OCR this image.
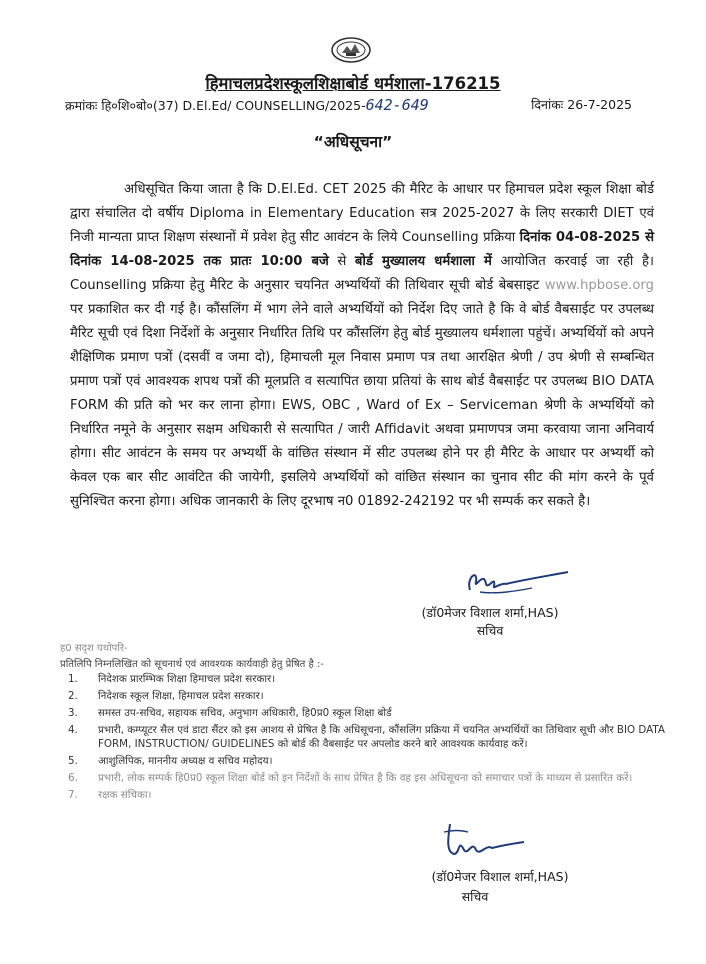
हिमाचलप्रदेशस्कूलशिक्षाबोर्ड धर्मशाला-176215
क्रमांकः हि०शि०बो०(37) D.El.Ed/ COUNSELLING/2025-642-649	दिनांकः 26-7-2025
“अधिसूचना”

अधिसूचित किया जाता है कि D.El.Ed. CET 2025 की मैरिट के आधार पर हिमाचल प्रदेश स्कूल शिक्षा बोर्ड द्वारा संचालित दो वर्षीय Diploma in Elementary Education सत्र 2025-2027 के लिए सरकारी DIET एवं निजी मान्यता प्राप्त शिक्षण संस्थानों में प्रवेश हेतु सीट आवंटन के लिये Counselling प्रक्रिया दिनांक 04-08-2025 से दिनांक 14-08-2025 तक प्रातः 10:00 बजे से बोर्ड मुख्यालय धर्मशाला में आयोजित करवाई जा रही है। Counselling प्रक्रिया हेतु मैरिट के अनुसार चयनित अभ्यर्थियों की तिथिवार सूची बोर्ड बेबसाइट www.hpbose.org पर प्रकाशित कर दी गई है। कौंसलिंग में भाग लेने वाले अभ्यर्थियों को निर्देश दिए जाते है कि वे बोर्ड वैबसाईट पर उपलब्ध मैरिट सूची एवं दिशा निर्देशों के अनुसार निर्धारित तिथि पर कौंसलिंग हेतु बोर्ड मुख्यालय धर्मशाला पहुंचें। अभ्यर्थियों को अपने शैक्षिणिक प्रमाण पत्रों (दसवीं व जमा दो), हिमाचली मूल निवास प्रमाण पत्र तथा आरक्षित श्रेणी / उप श्रेणी से सम्बन्धित प्रमाण पत्रों एवं आवश्यक शपथ पत्रों की मूलप्रति व सत्यापित छाया प्रतियां के साथ बोर्ड वैबसाईट पर उपलब्ध BIO DATA FORM की प्रति को भर कर लाना होगा। EWS, OBC , Ward of Ex – Serviceman श्रेणी के अभ्यर्थियों को निर्धारित नमूने के अनुसार सक्षम अधिकारी से सत्यापित / जारी Affidavit अथवा प्रमाणपत्र जमा करवाया जाना अनिवार्य होगा। सीट आवंटन के समय पर अभ्यर्थी के वांछित संस्थान में सीट उपलब्ध होने पर ही मैरिट के आधार पर अभ्यर्थी को केवल एक बार सीट आवंटित की जायेगी, इसलिये अभ्यर्थियों को वांछित संस्थान का चुनाव सीट की मांग करने के पूर्व सुनिश्चित करना होगा। अधिक जानकारी के लिए दूरभाष न0 01892-242192 पर भी सम्पर्क कर सकते है।

(डॉ0मेजर विशाल शर्मा,HAS)
सचिव
ह0 सदृश यथोपरि-
प्रतिलिपि निम्नलिखित को सूचनार्थ एवं आवश्यक कार्यवाही हेतु प्रेषित है :-
1.	निदेशक प्रारम्भिक शिक्षा हिमाचल प्रदेश सरकार।
2.	निदेशक स्कूल शिक्षा, हिमाचल प्रदेश सरकार।
3.	समस्त उप-सचिव, सहायक सचिव, अनुभाग अधिकारी, हि0प्र0 स्कूल शिक्षा बोर्ड
4.	प्रभारी, कम्प्यूटर सैल एवं डाटा सैंटर को इस आशय से प्रेषित है कि अधिसूचना, कौंसलिंग प्रक्रिया में चयनित अभ्यर्थियों का तिथिवार सूची और BIO DATA FORM, INSTRUCTION/ GUIDELINES को बोर्ड की वैबसाईट पर अपलोड करने बारे आवश्यक कार्यवाह करें।
5.	आशुलिपिक, माननीय अध्यक्ष व सचिव महोदय।
6.	प्रभारी, लोक सम्पर्क हि0प्र0 स्कूल शिक्षा बोर्ड को इन निर्देशों के साथ प्रेषित है कि वह इस अधिसूचना को समाचार पत्रों के माध्यम से प्रसारित करें।
7.	रक्षक संचिका।
(डॉ0मेजर विशाल शर्मा,HAS)
सचिव
